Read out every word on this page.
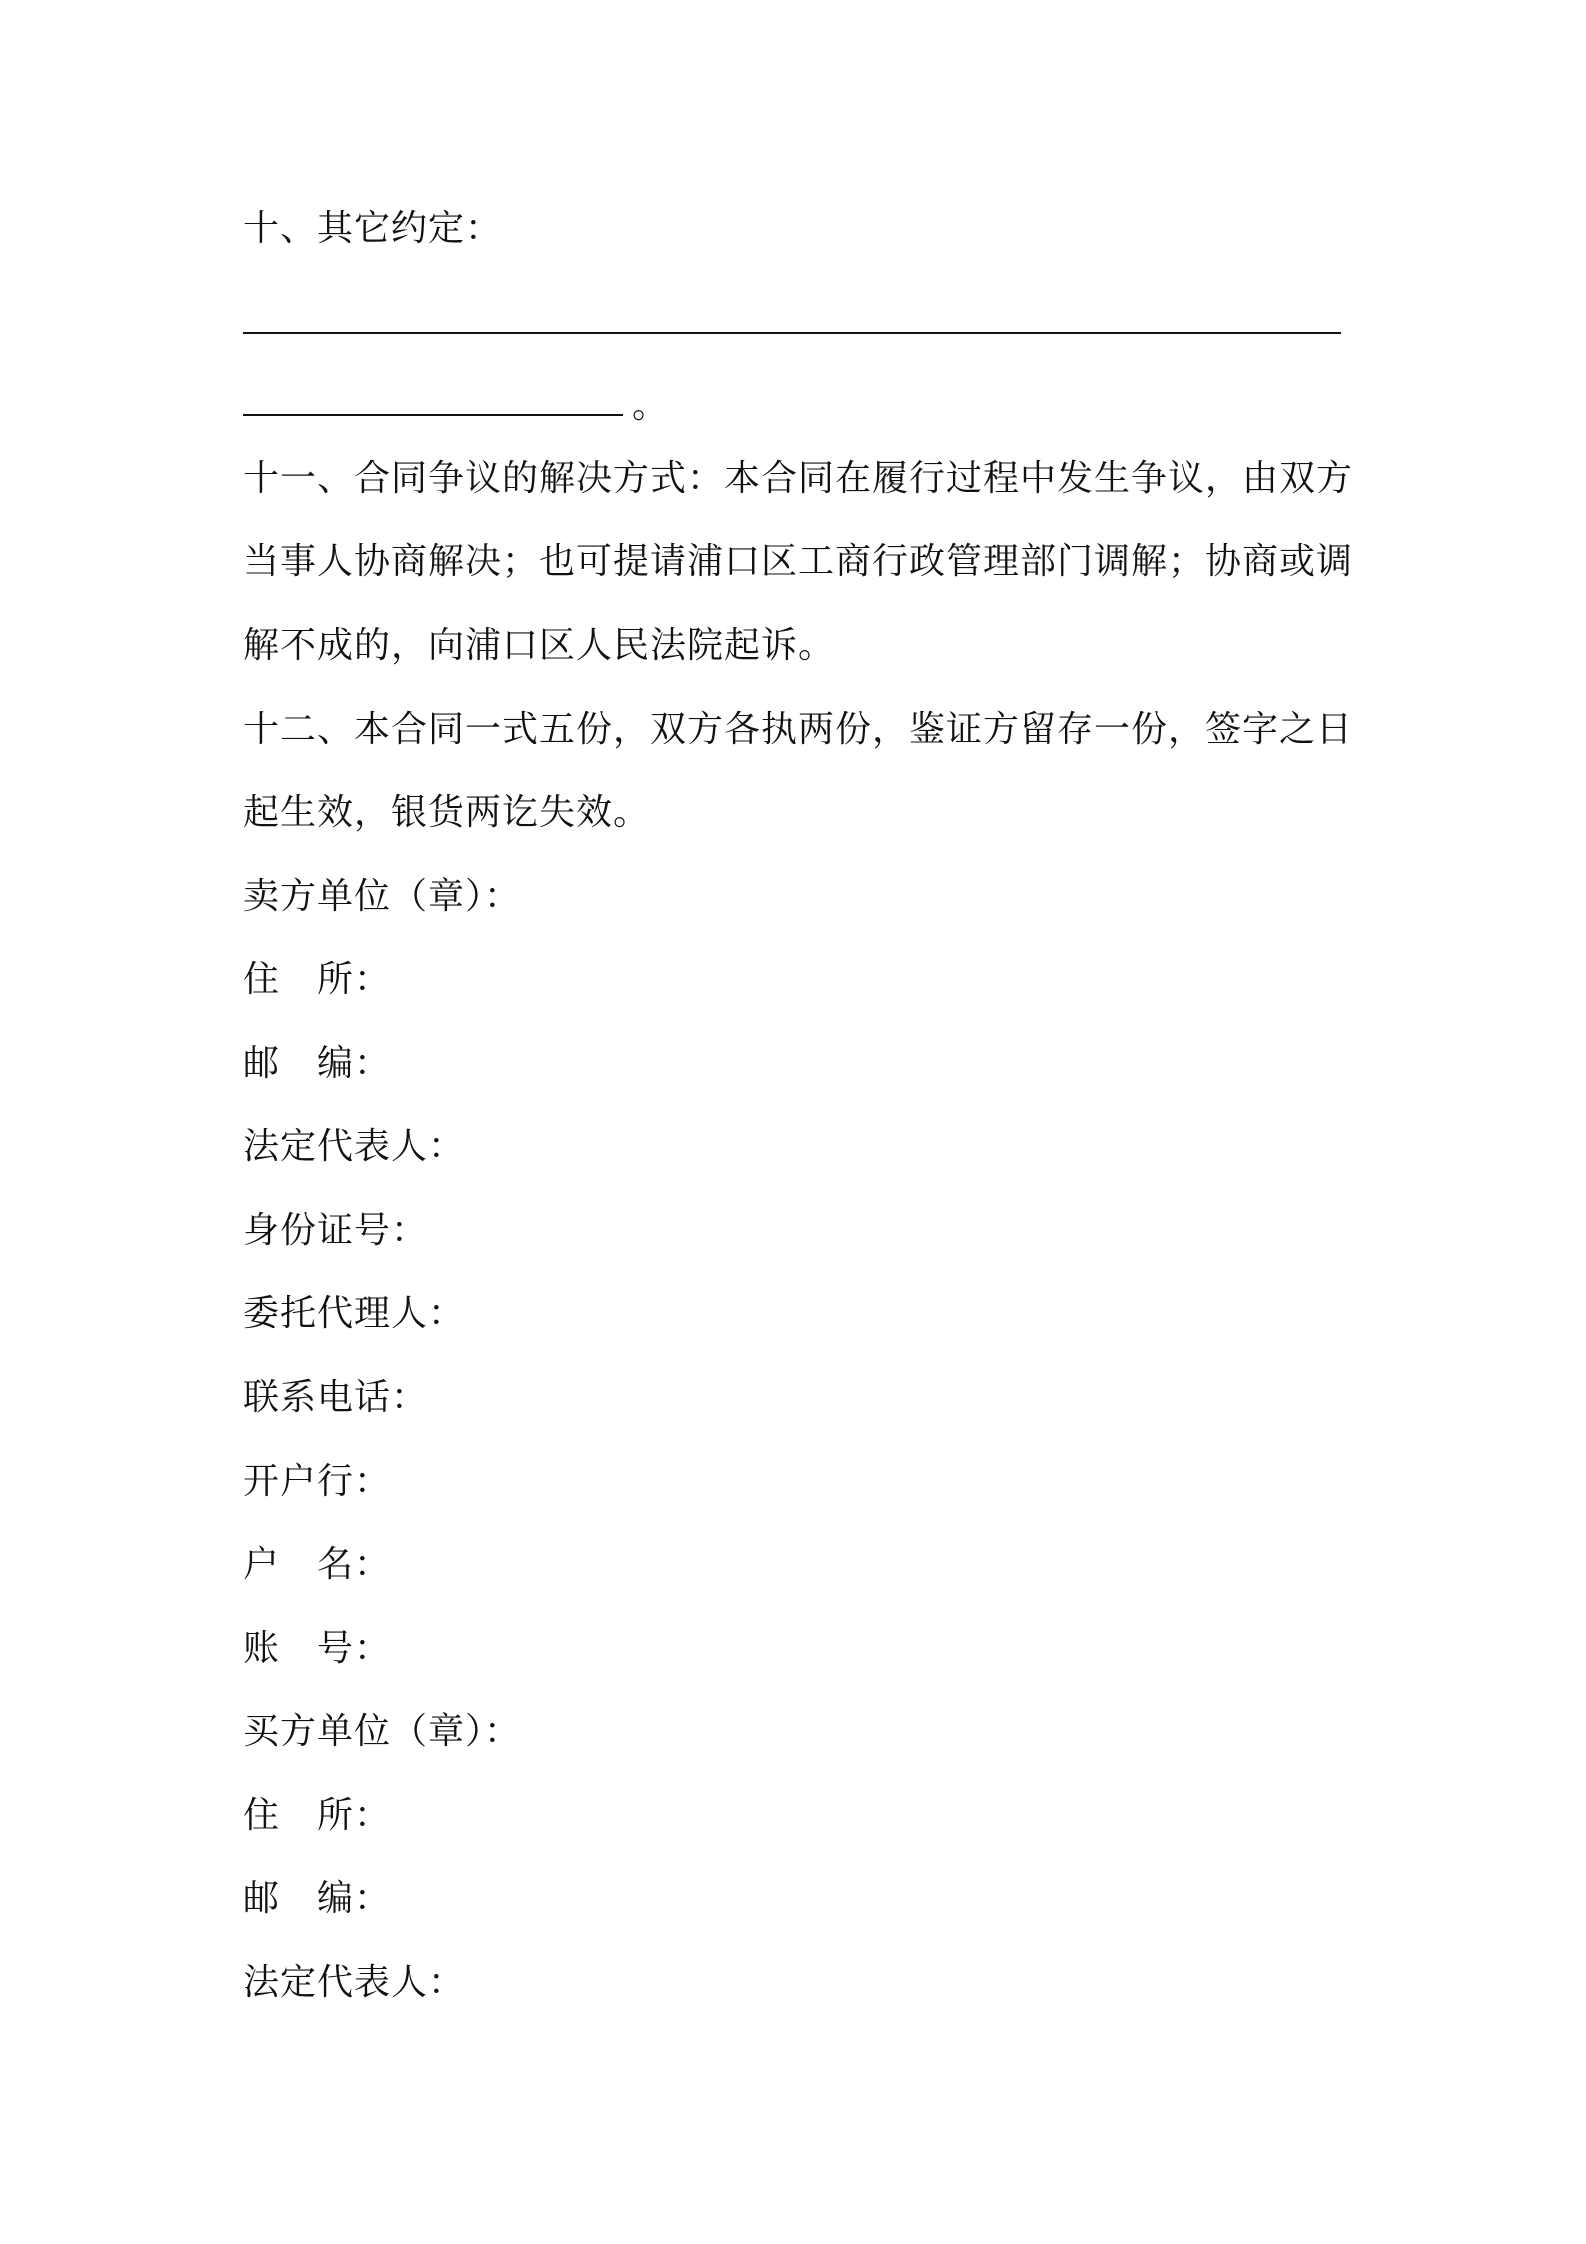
十、其它约定：
。
十一、合同争议的解决方式：本合同在履行过程中发生争议，由双方
当事人协商解决；也可提请浦口区工商行政管理部门调解；协商或调
解不成的，向浦口区人民法院起诉。
十二、本合同一式五份，双方各执两份，鉴证方留存一份，签字之日
起生效，银货两讫失效。
卖方单位（章）：
住　所：
邮　编：
法定代表人：
身份证号：
委托代理人：
联系电话：
开户行：
户　名：
账　号：
买方单位（章）：
住　所：
邮　编：
法定代表人：
